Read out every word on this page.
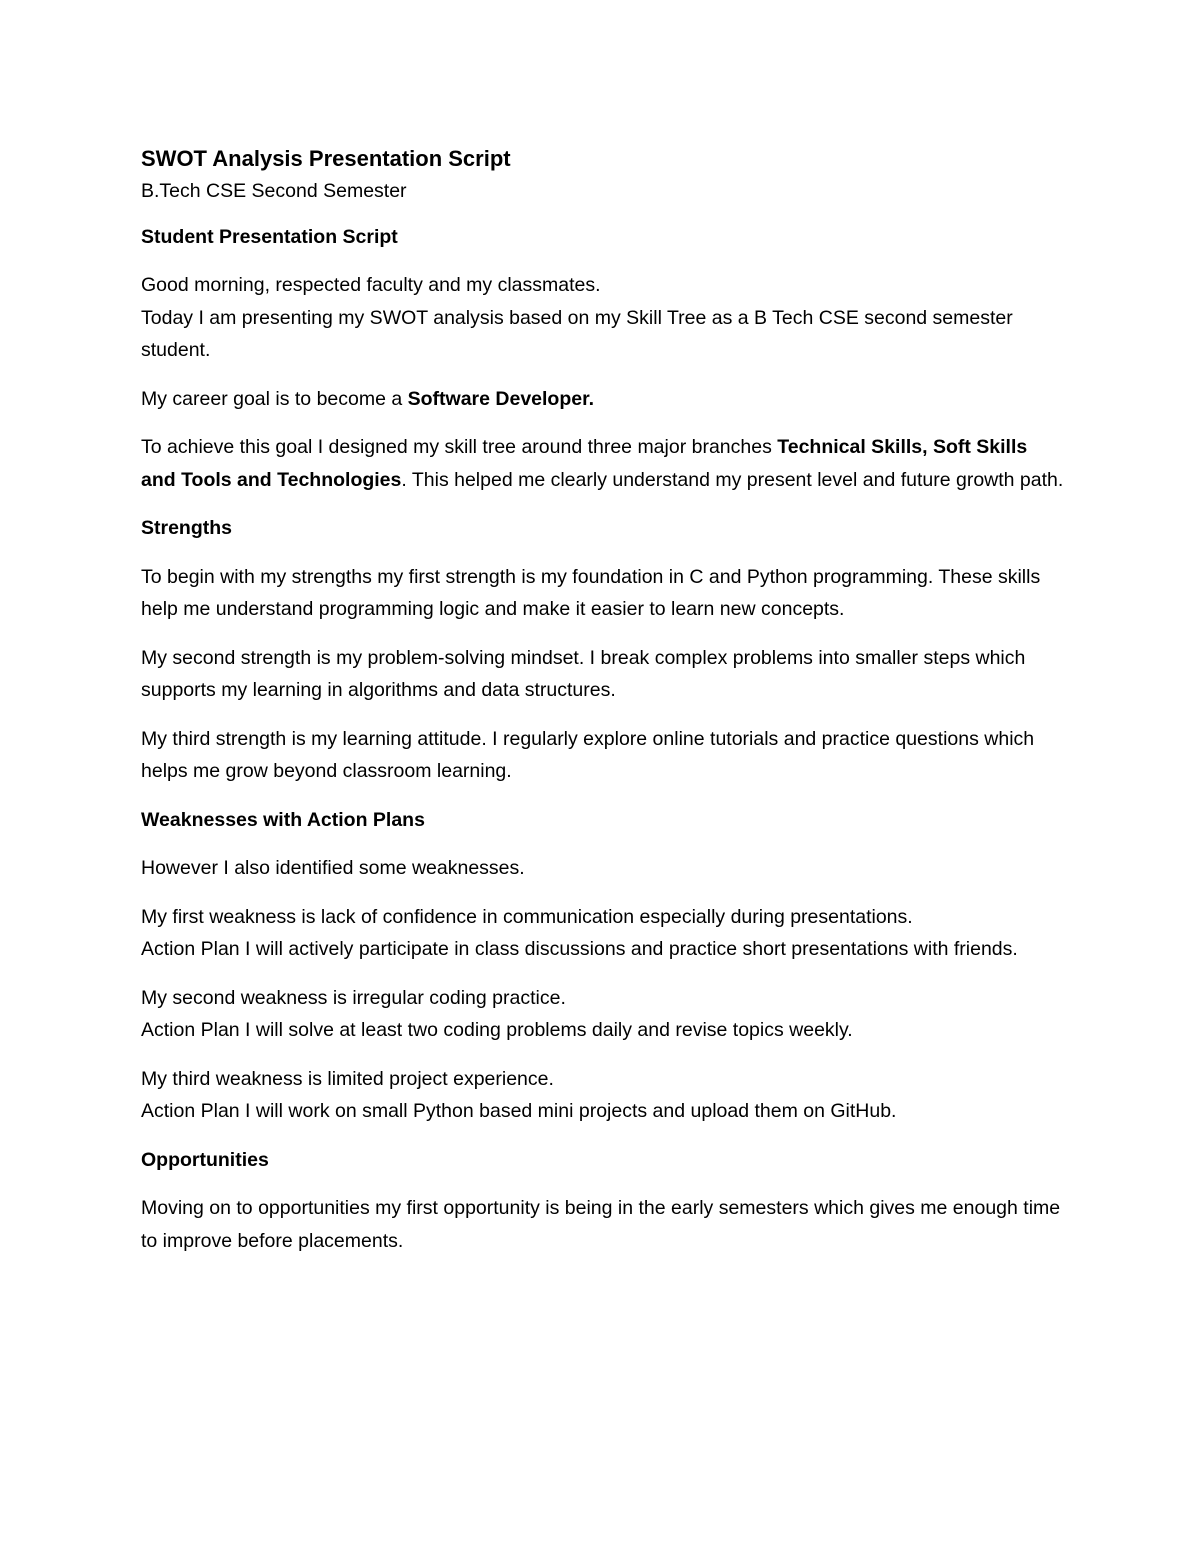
SWOT Analysis Presentation Script
B.Tech CSE Second Semester
Student Presentation Script

Good morning, respected faculty and my classmates.
Today I am presenting my SWOT analysis based on my Skill Tree as a B Tech CSE second semester student.

My career goal is to become a Software Developer.

To achieve this goal I designed my skill tree around three major branches Technical Skills, Soft Skills and Tools and Technologies. This helped me clearly understand my present level and future growth path.

Strengths

To begin with my strengths my first strength is my foundation in C and Python programming. These skills help me understand programming logic and make it easier to learn new concepts.

My second strength is my problem-solving mindset. I break complex problems into smaller steps which supports my learning in algorithms and data structures.

My third strength is my learning attitude. I regularly explore online tutorials and practice questions which helps me grow beyond classroom learning.

Weaknesses with Action Plans

However I also identified some weaknesses.

My first weakness is lack of confidence in communication especially during presentations.
Action Plan I will actively participate in class discussions and practice short presentations with friends.

My second weakness is irregular coding practice.
Action Plan I will solve at least two coding problems daily and revise topics weekly.

My third weakness is limited project experience.
Action Plan I will work on small Python based mini projects and upload them on GitHub.

Opportunities

Moving on to opportunities my first opportunity is being in the early semesters which gives me enough time to improve before placements.
